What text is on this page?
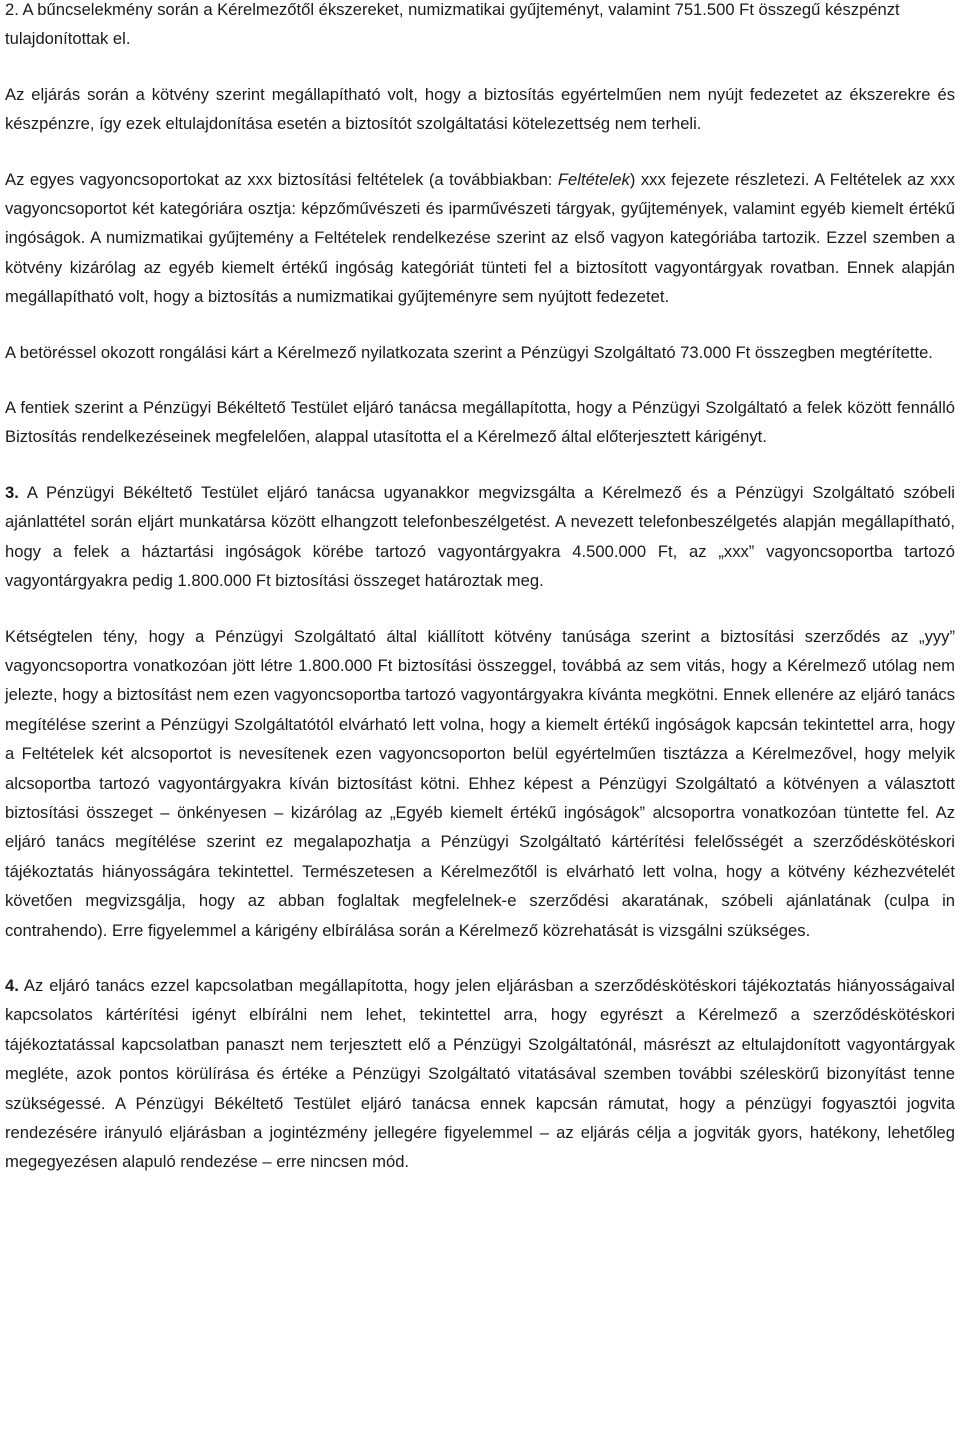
2. A bűncselekmény során a Kérelmezőtől ékszereket, numizmatikai gyűjteményt, valamint 751.500 Ft összegű készpénzt tulajdonítottak el.

Az eljárás során a kötvény szerint megállapítható volt, hogy a biztosítás egyértelműen nem nyújt fedezetet az ékszerekre és készpénzre, így ezek eltulajdonítása esetén a biztosítót szolgáltatási kötelezettség nem terheli.

Az egyes vagyoncsoportokat az xxx biztosítási feltételek (a továbbiakban: Feltételek) xxx fejezete részletezi. A Feltételek az xxx vagyoncsoportot két kategóriára osztja: képzőművészeti és iparművészeti tárgyak, gyűjtemények, valamint egyéb kiemelt értékű ingóságok. A numizmatikai gyűjtemény a Feltételek rendelkezése szerint az első vagyon kategóriába tartozik. Ezzel szemben a kötvény kizárólag az egyéb kiemelt értékű ingóság kategóriát tünteti fel a biztosított vagyontárgyak rovatban. Ennek alapján megállapítható volt, hogy a biztosítás a numizmatikai gyűjteményre sem nyújtott fedezetet.

A betöréssel okozott rongálási kárt a Kérelmező nyilatkozata szerint a Pénzügyi Szolgáltató 73.000 Ft összegben megtérítette.

A fentiek szerint a Pénzügyi Békéltető Testület eljáró tanácsa megállapította, hogy a Pénzügyi Szolgáltató a felek között fennálló Biztosítás rendelkezéseinek megfelelően, alappal utasította el a Kérelmező által előterjesztett kárigényt.

3. A Pénzügyi Békéltető Testület eljáró tanácsa ugyanakkor megvizsgálta a Kérelmező és a Pénzügyi Szolgáltató szóbeli ajánlattétel során eljárt munkatársa között elhangzott telefonbeszélgetést. A nevezett telefonbeszélgetés alapján megállapítható, hogy a felek a háztartási ingóságok körébe tartozó vagyontárgyakra 4.500.000 Ft, az „xxx” vagyoncsoportba tartozó vagyontárgyakra pedig 1.800.000 Ft biztosítási összeget határoztak meg.

Kétségtelen tény, hogy a Pénzügyi Szolgáltató által kiállított kötvény tanúsága szerint a biztosítási szerződés az „yyy” vagyoncsoportra vonatkozóan jött létre 1.800.000 Ft biztosítási összeggel, továbbá az sem vitás, hogy a Kérelmező utólag nem jelezte, hogy a biztosítást nem ezen vagyoncsoportba tartozó vagyontárgyakra kívánta megkötni. Ennek ellenére az eljáró tanács megítélése szerint a Pénzügyi Szolgáltatótól elvárható lett volna, hogy a kiemelt értékű ingóságok kapcsán tekintettel arra, hogy a Feltételek két alcsoportot is nevesítenek ezen vagyoncsoporton belül egyértelműen tisztázza a Kérelmezővel, hogy melyik alcsoportba tartozó vagyontárgyakra kíván biztosítást kötni. Ehhez képest a Pénzügyi Szolgáltató a kötvényen a választott biztosítási összeget – önkényesen – kizárólag az „Egyéb kiemelt értékű ingóságok” alcsoportra vonatkozóan tüntette fel. Az eljáró tanács megítélése szerint ez megalapozhatja a Pénzügyi Szolgáltató kártérítési felelősségét a szerződéskötéskori tájékoztatás hiányosságára tekintettel. Természetesen a Kérelmezőtől is elvárható lett volna, hogy a kötvény kézhezvételét követően megvizsgálja, hogy az abban foglaltak megfelelnek-e szerződési akaratának, szóbeli ajánlatának (culpa in contrahendo). Erre figyelemmel a kárigény elbírálása során a Kérelmező közrehatását is vizsgálni szükséges.

4. Az eljáró tanács ezzel kapcsolatban megállapította, hogy jelen eljárásban a szerződéskötéskori tájékoztatás hiányosságaival kapcsolatos kártérítési igényt elbírálni nem lehet, tekintettel arra, hogy egyrészt a Kérelmező a szerződéskötéskori tájékoztatással kapcsolatban panaszt nem terjesztett elő a Pénzügyi Szolgáltatónál, másrészt az eltulajdonított vagyontárgyak megléte, azok pontos körülírása és értéke a Pénzügyi Szolgáltató vitatásával szemben további széleskörű bizonyítást tenne szükségessé. A Pénzügyi Békéltető Testület eljáró tanácsa ennek kapcsán rámutat, hogy a pénzügyi fogyasztói jogvita rendezésére irányuló eljárásban a jogintézmény jellegére figyelemmel – az eljárás célja a jogviták gyors, hatékony, lehetőleg megegyezésen alapuló rendezése – erre nincsen mód.
